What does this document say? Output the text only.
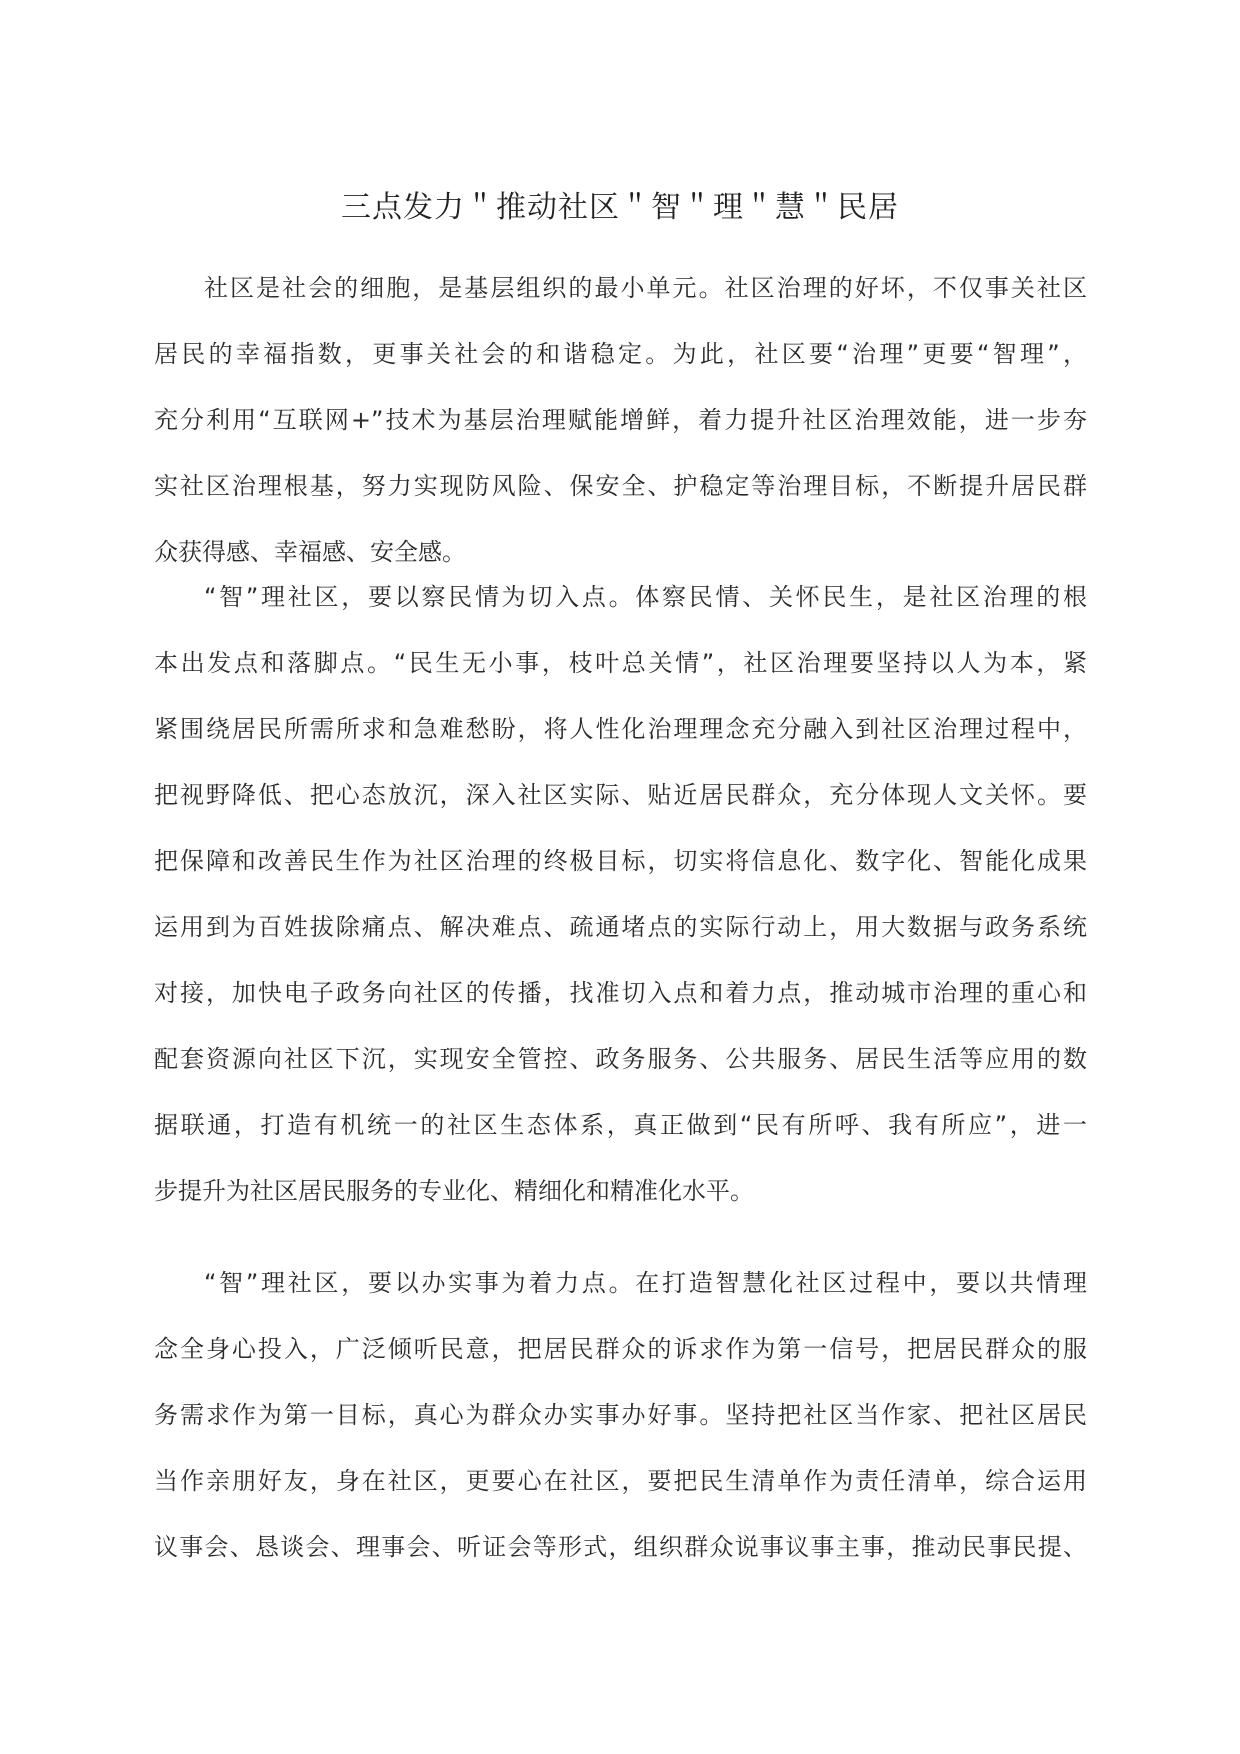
三点发力＂推动社区＂智＂理＂慧＂民居
社区是社会的细胞，是基层组织的最小单元。社区治理的好坏，不仅事关社区
居民的幸福指数，更事关社会的和谐稳定。为此，社区要“治理”更要“智理”，
充分利用“互联网+”技术为基层治理赋能增鲜，着力提升社区治理效能，进一步夯
实社区治理根基，努力实现防风险、保安全、护稳定等治理目标，不断提升居民群
众获得感、幸福感、安全感。
“智”理社区，要以察民情为切入点。体察民情、关怀民生，是社区治理的根
本出发点和落脚点。“民生无小事，枝叶总关情”，社区治理要坚持以人为本，紧
紧围绕居民所需所求和急难愁盼，将人性化治理理念充分融入到社区治理过程中，
把视野降低、把心态放沉，深入社区实际、贴近居民群众，充分体现人文关怀。要
把保障和改善民生作为社区治理的终极目标，切实将信息化、数字化、智能化成果
运用到为百姓拔除痛点、解决难点、疏通堵点的实际行动上，用大数据与政务系统
对接，加快电子政务向社区的传播，找准切入点和着力点，推动城市治理的重心和
配套资源向社区下沉，实现安全管控、政务服务、公共服务、居民生活等应用的数
据联通，打造有机统一的社区生态体系，真正做到“民有所呼、我有所应”，进一
步提升为社区居民服务的专业化、精细化和精准化水平。
“智”理社区，要以办实事为着力点。在打造智慧化社区过程中，要以共情理
念全身心投入，广泛倾听民意，把居民群众的诉求作为第一信号，把居民群众的服
务需求作为第一目标，真心为群众办实事办好事。坚持把社区当作家、把社区居民
当作亲朋好友，身在社区，更要心在社区，要把民生清单作为责任清单，综合运用
议事会、恳谈会、理事会、听证会等形式，组织群众说事议事主事，推动民事民提、
